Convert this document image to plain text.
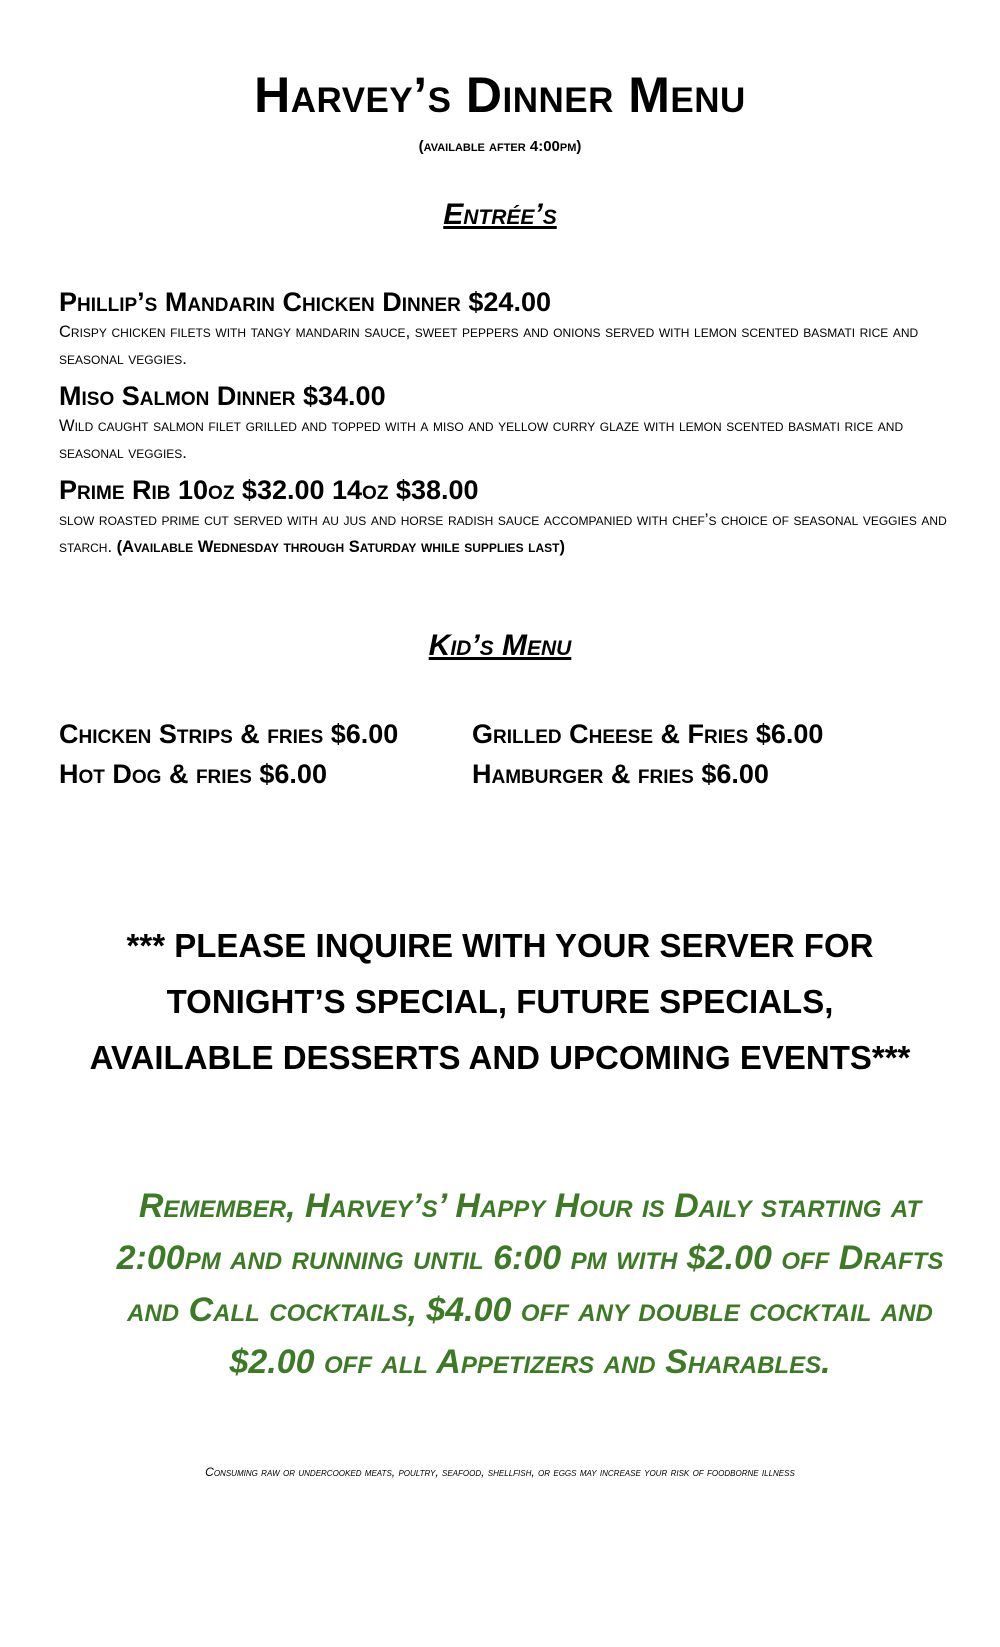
Harvey’s Dinner Menu
(available after 4:00pm)
Entrée’s

Phillip’s Mandarin Chicken Dinner $24.00

Crispy chicken filets with tangy mandarin sauce, sweet peppers and onions served with lemon scented basmati rice and seasonal veggies.

Miso Salmon Dinner $34.00

Wild caught salmon filet grilled and topped with a miso and yellow curry glaze with lemon scented basmati rice and seasonal veggies.

Prime Rib 10oz $32.00 14oz $38.00

slow roasted prime cut served with au jus and horse radish sauce accompanied with chef’s choice of seasonal veggies and starch. (Available Wednesday through Saturday while supplies last)

Kid’s Menu
Chicken Strips & fries $6.00	Grilled Cheese & Fries $6.00
Hot Dog & fries $6.00	Hamburger & fries $6.00
*** PLEASE INQUIRE WITH YOUR SERVER FOR TONIGHT’S SPECIAL, FUTURE SPECIALS, AVAILABLE DESSERTS AND UPCOMING EVENTS***
Remember, Harvey’s’ Happy Hour is Daily starting at 2:00pm and running until 6:00 pm with $2.00 off Drafts and Call cocktails, $4.00 off any double cocktail and $2.00 off all Appetizers and Sharables.
Consuming raw or undercooked meats, poultry, seafood, shellfish, or eggs may increase your risk of foodborne illness
